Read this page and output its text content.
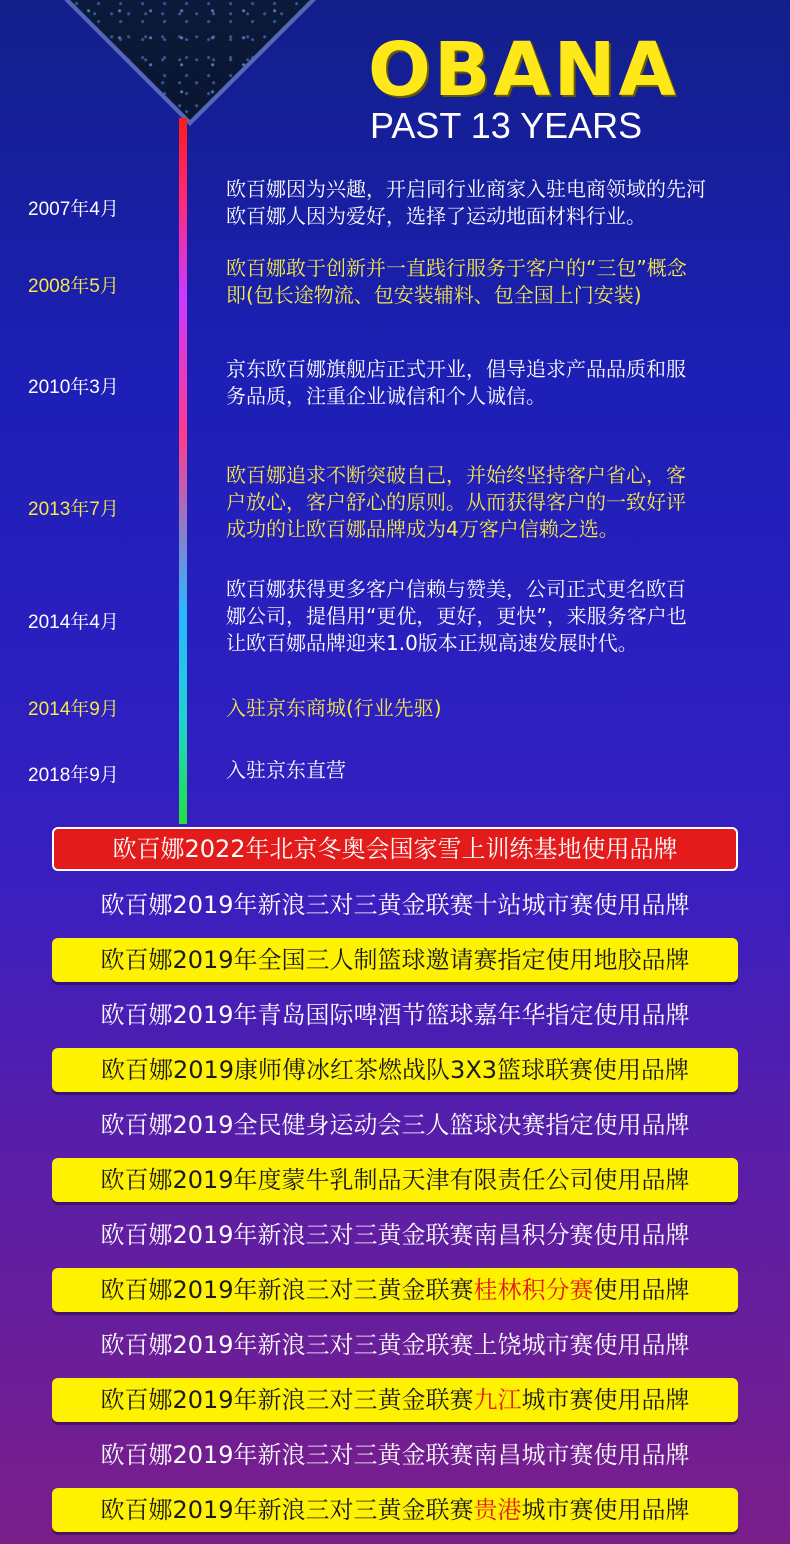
OBANA
PAST 13 YEARS
2007年4月
欧百娜因为兴趣，开启同行业商家入驻电商领域的先河
欧百娜人因为爱好，选择了运动地面材料行业。
2008年5月
欧百娜敢于创新并一直践行服务于客户的“三包”概念
即(包长途物流、包安装辅料、包全国上门安装)
2010年3月
京东欧百娜旗舰店正式开业，倡导追求产品品质和服
务品质，注重企业诚信和个人诚信。
2013年7月
欧百娜追求不断突破自己，并始终坚持客户省心，客
户放心，客户舒心的原则。从而获得客户的一致好评
成功的让欧百娜品牌成为4万客户信赖之选。
2014年4月
欧百娜获得更多客户信赖与赞美，公司正式更名欧百
娜公司，提倡用“更优，更好，更快”，来服务客户也
让欧百娜品牌迎来1.0版本正规高速发展时代。
2014年9月	入驻京东商城(行业先驱)
2018年9月	入驻京东直营
欧百娜2022年北京冬奥会国家雪上训练基地使用品牌
欧百娜2019年新浪三对三黄金联赛十站城市赛使用品牌
欧百娜2019年全国三人制篮球邀请赛指定使用地胶品牌
欧百娜2019年青岛国际啤酒节篮球嘉年华指定使用品牌
欧百娜2019康师傅冰红茶燃战队3X3篮球联赛使用品牌
欧百娜2019全民健身运动会三人篮球决赛指定使用品牌
欧百娜2019年度蒙牛乳制品天津有限责任公司使用品牌
欧百娜2019年新浪三对三黄金联赛南昌积分赛使用品牌
欧百娜2019年新浪三对三黄金联赛桂林积分赛使用品牌
欧百娜2019年新浪三对三黄金联赛上饶城市赛使用品牌
欧百娜2019年新浪三对三黄金联赛九江城市赛使用品牌
欧百娜2019年新浪三对三黄金联赛南昌城市赛使用品牌
欧百娜2019年新浪三对三黄金联赛贵港城市赛使用品牌
